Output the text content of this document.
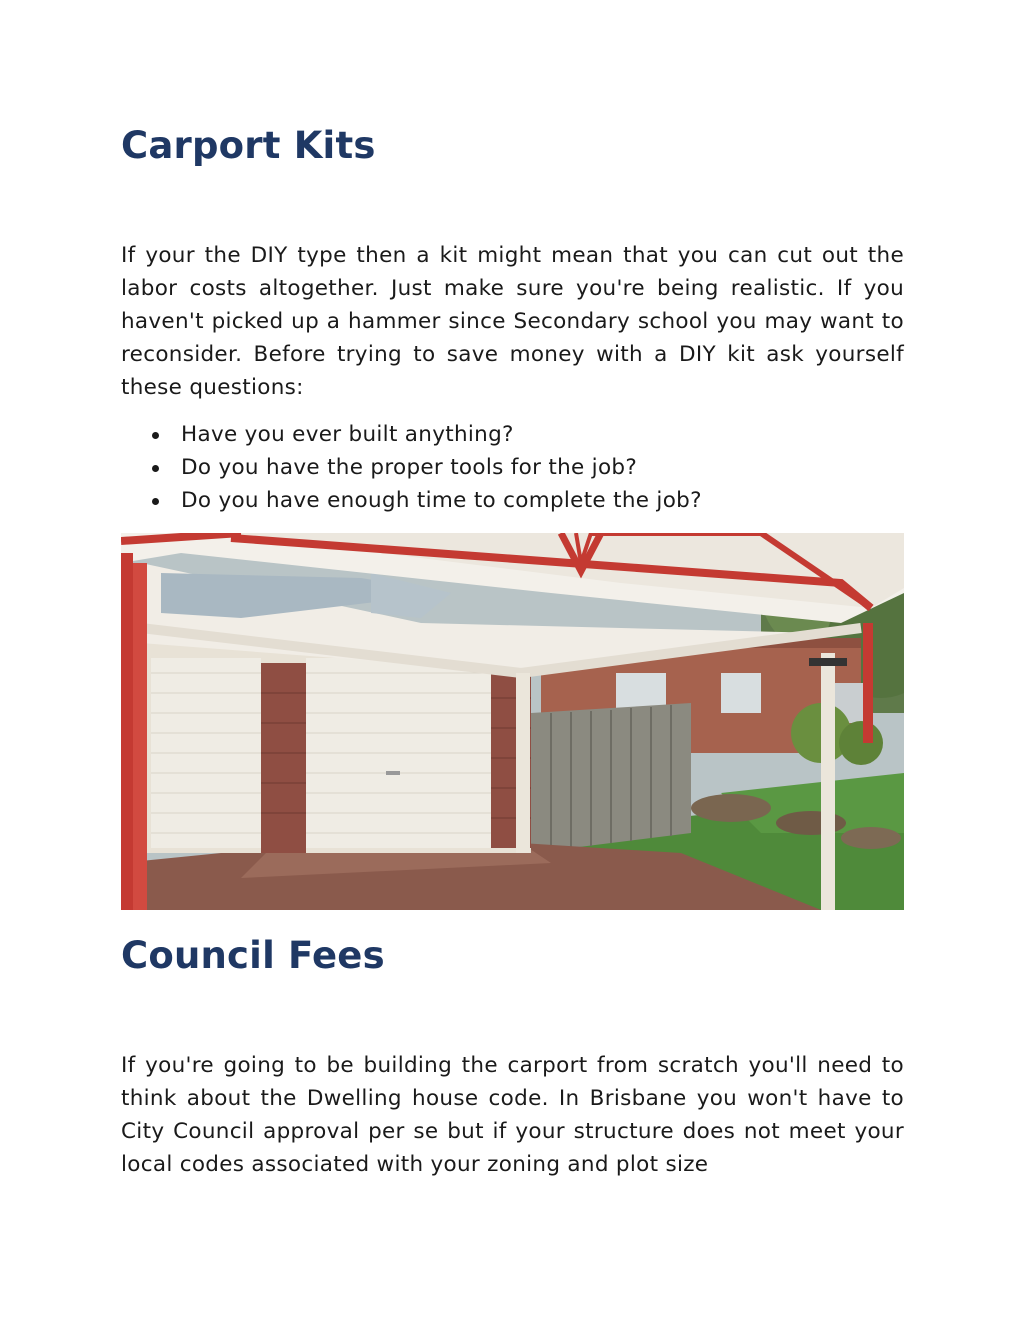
Carport Kits

If your the DIY type then a kit might mean that you can cut out the labor costs altogether. Just make sure you're being realistic. If you haven't picked up a hammer since Secondary school you may want to reconsider. Before trying to save money with a DIY kit ask yourself these questions:

Have you ever built anything?
Do you have the proper tools for the job?
Do you have enough time to complete the job?
Council Fees

If you're going to be building the carport from scratch you'll need to think about the Dwelling house code. In Brisbane you won't have to City Council approval per se but if your structure does not meet your local codes associated with your zoning and plot size
